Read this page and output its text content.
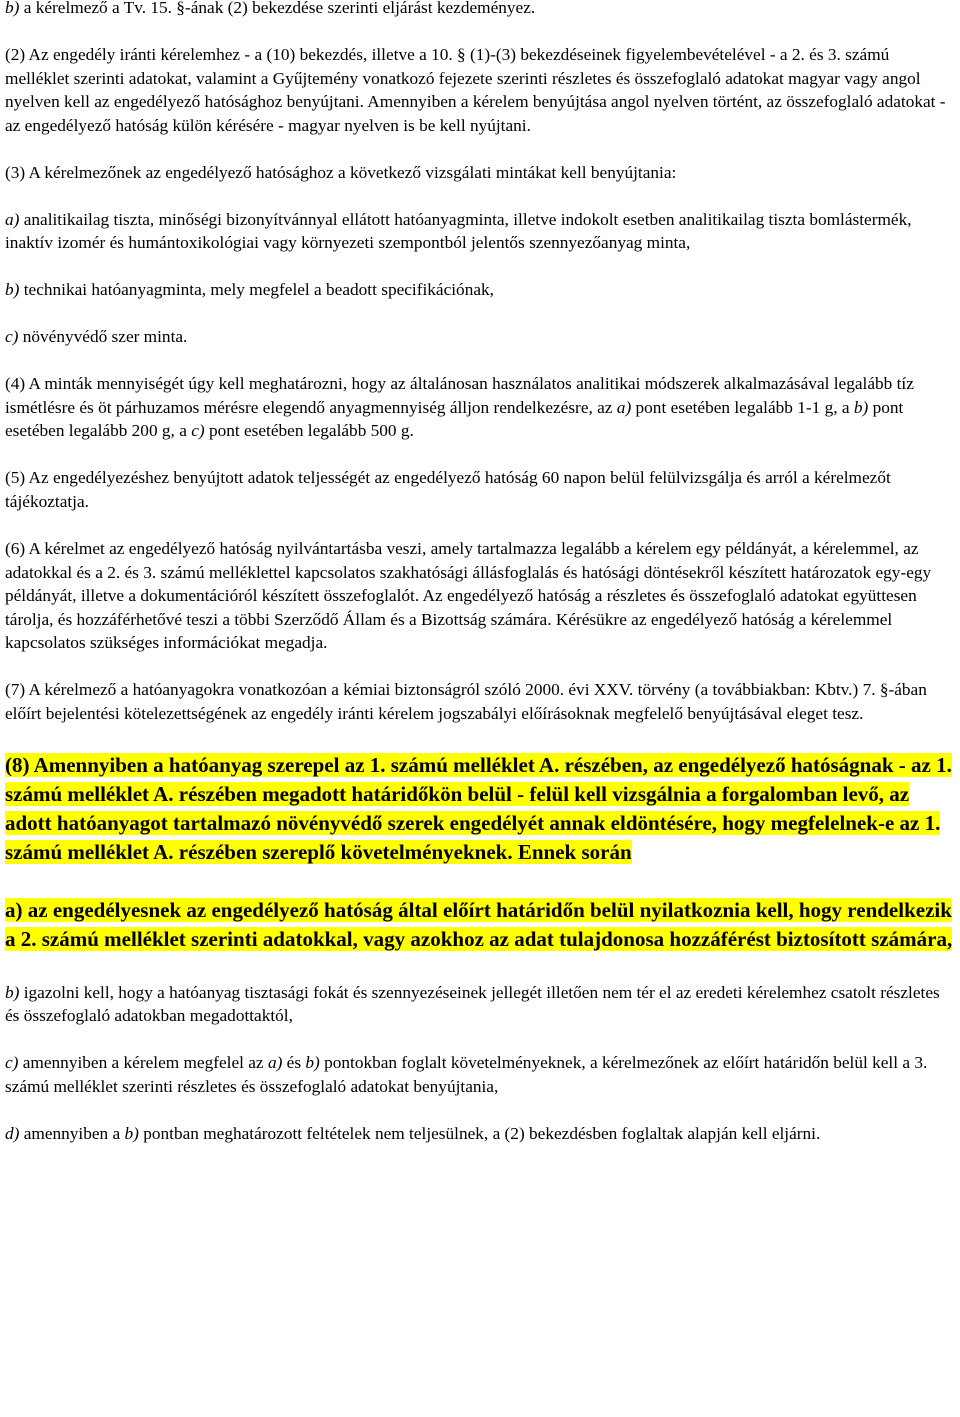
b) a kérelmező a Tv. 15. §-ának (2) bekezdése szerinti eljárást kezdeményez.

(2) Az engedély iránti kérelemhez - a (10) bekezdés, illetve a 10. § (1)-(3) bekezdéseinek figyelembevételével - a 2. és 3. számú melléklet szerinti adatokat, valamint a Gyűjtemény vonatkozó fejezete szerinti részletes és összefoglaló adatokat magyar vagy angol nyelven kell az engedélyező hatósághoz benyújtani. Amennyiben a kérelem benyújtása angol nyelven történt, az összefoglaló adatokat - az engedélyező hatóság külön kérésére - magyar nyelven is be kell nyújtani.

(3) A kérelmezőnek az engedélyező hatósághoz a következő vizsgálati mintákat kell benyújtania:

a) analitikailag tiszta, minőségi bizonyítvánnyal ellátott hatóanyagminta, illetve indokolt esetben analitikailag tiszta bomlástermék, inaktív izomér és humántoxikológiai vagy környezeti szempontból jelentős szennyezőanyag minta,

b) technikai hatóanyagminta, mely megfelel a beadott specifikációnak,

c) növényvédő szer minta.

(4) A minták mennyiségét úgy kell meghatározni, hogy az általánosan használatos analitikai módszerek alkalmazásával legalább tíz ismétlésre és öt párhuzamos mérésre elegendő anyagmennyiség álljon rendelkezésre, az a) pont esetében legalább 1-1 g, a b) pont esetében legalább 200 g, a c) pont esetében legalább 500 g.

(5) Az engedélyezéshez benyújtott adatok teljességét az engedélyező hatóság 60 napon belül felülvizsgálja és arról a kérelmezőt tájékoztatja.

(6) A kérelmet az engedélyező hatóság nyilvántartásba veszi, amely tartalmazza legalább a kérelem egy példányát, a kérelemmel, az adatokkal és a 2. és 3. számú melléklettel kapcsolatos szakhatósági állásfoglalás és hatósági döntésekről készített határozatok egy-egy példányát, illetve a dokumentációról készített összefoglalót. Az engedélyező hatóság a részletes és összefoglaló adatokat együttesen tárolja, és hozzáférhetővé teszi a többi Szerződő Állam és a Bizottság számára. Kérésükre az engedélyező hatóság a kérelemmel kapcsolatos szükséges információkat megadja.

(7) A kérelmező a hatóanyagokra vonatkozóan a kémiai biztonságról szóló 2000. évi XXV. törvény (a továbbiakban: Kbtv.) 7. §-ában előírt bejelentési kötelezettségének az engedély iránti kérelem jogszabályi előírásoknak megfelelő benyújtásával eleget tesz.

(8) Amennyiben a hatóanyag szerepel az 1. számú melléklet A. részében, az engedélyező hatóságnak - az 1. számú melléklet A. részében megadott határidőkön belül - felül kell vizsgálnia a forgalomban levő, az adott hatóanyagot tartalmazó növényvédő szerek engedélyét annak eldöntésére, hogy megfelelnek-e az 1. számú melléklet A. részében szereplő követelményeknek. Ennek során

a) az engedélyesnek az engedélyező hatóság által előírt határidőn belül nyilatkoznia kell, hogy rendelkezik a 2. számú melléklet szerinti adatokkal, vagy azokhoz az adat tulajdonosa hozzáférést biztosított számára,

b) igazolni kell, hogy a hatóanyag tisztasági fokát és szennyezéseinek jellegét illetően nem tér el az eredeti kérelemhez csatolt részletes és összefoglaló adatokban megadottaktól,

c) amennyiben a kérelem megfelel az a) és b) pontokban foglalt követelményeknek, a kérelmezőnek az előírt határidőn belül kell a 3. számú melléklet szerinti részletes és összefoglaló adatokat benyújtania,

d) amennyiben a b) pontban meghatározott feltételek nem teljesülnek, a (2) bekezdésben foglaltak alapján kell eljárni.
